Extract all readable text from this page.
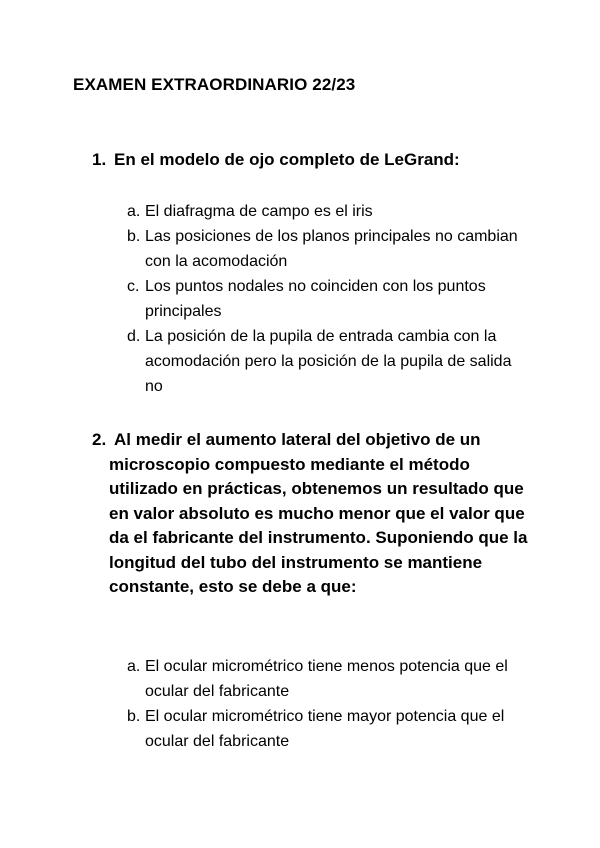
EXAMEN EXTRAORDINARIO 22/23
1. En el modelo de ojo completo de LeGrand:
a. El diafragma de campo es el iris
b. Las posiciones de los planos principales no cambian con la acomodación
c. Los puntos nodales no coinciden con los puntos principales
d. La posición de la pupila de entrada cambia con la acomodación pero la posición de la pupila de salida no
2. Al medir el aumento lateral del objetivo de un microscopio compuesto mediante el método utilizado en prácticas, obtenemos un resultado que en valor absoluto es mucho menor que el valor que da el fabricante del instrumento. Suponiendo que la longitud del tubo del instrumento se mantiene constante, esto se debe a que:
a. El ocular micrométrico tiene menos potencia que el ocular del fabricante
b. El ocular micrométrico tiene mayor potencia que el ocular del fabricante
